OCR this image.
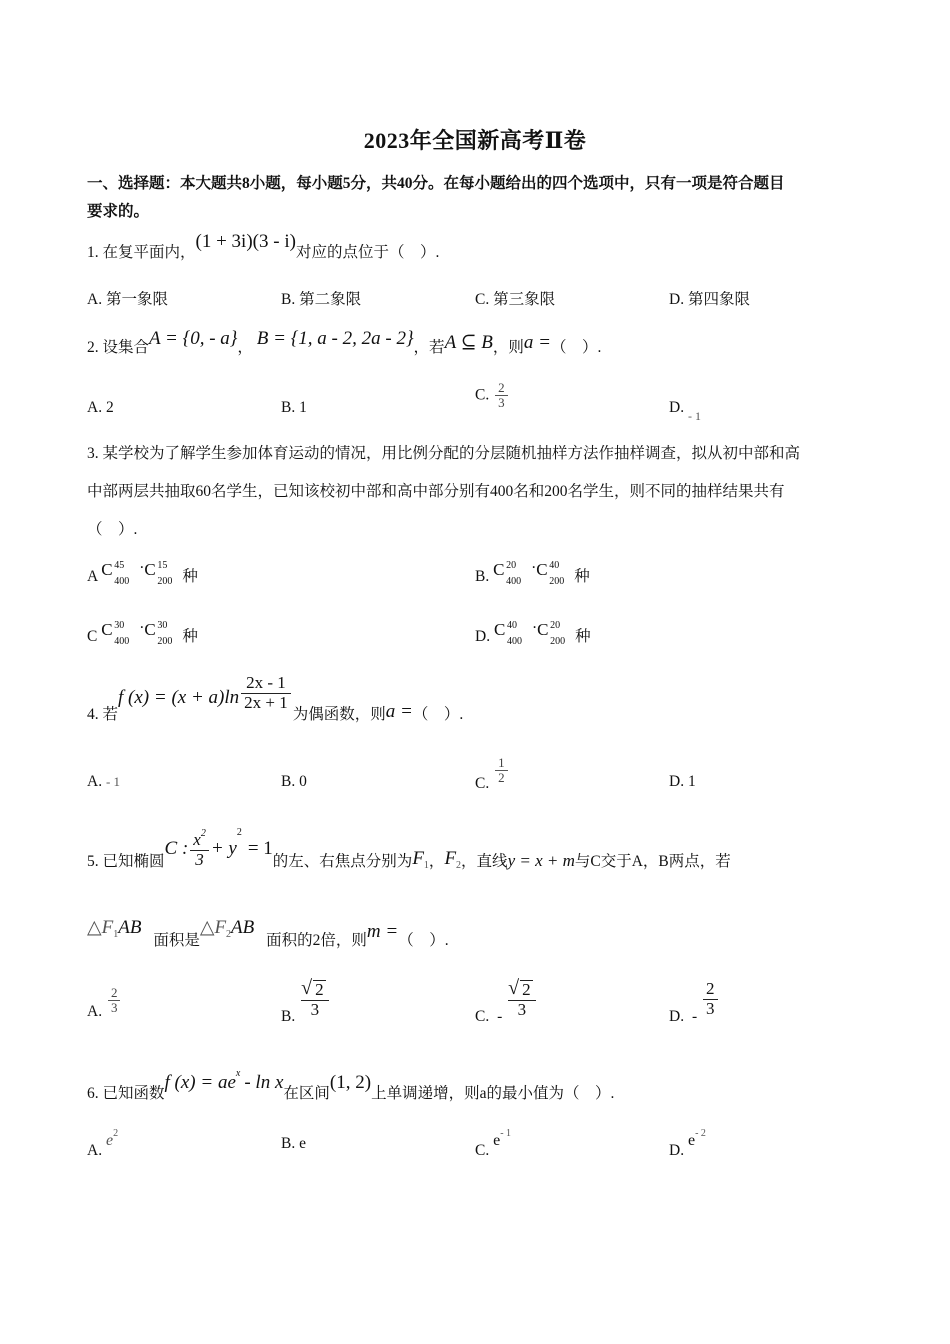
2023年全国新高考Ⅱ卷
一、选择题：本大题共8小题，每小题5分，共40分。在每小题给出的四个选项中，只有一项是符合题目
要求的。
1. 在复平面内，(1 + 3i)(3 - i)对应的点位于（　）.
A. 第一象限	B. 第二象限	C. 第三象限	D. 第四象限
2. 设集合A = {0, - a}， B = {1, a - 2, 2a - 2}，若A ⊆ B，则a =（　）.
A. 2	B. 1
C. $\frac{2}{3}$	D. $_{- 1}$
3. 某学校为了解学生参加体育运动的情况，用比例分配的分层随机抽样方法作抽样调查，拟从初中部和高
中部两层共抽取60名学生，已知该校初中部和高中部分别有400名和200名学生，则不同的抽样结果共有
（　）.
A C 45
400
· C 15
200 种	B. C 20
400
· C 40
200 种
C C 30
400
· C 30
200 种	D. C 40
400
· C 20
200 种
4. 若f $(x) = (x + a)\ln \frac{2x - 1}{2x + 1}$
为偶函数，则a =（　）.
A. - 1	B. 0	C. $\frac{1}{2}$	D. 1
5. 已知椭圆C : $\frac{x^2}{3} + y^2= 1$的左、右焦点分别为$F_1$，$F_2$，直线y = x + m与C交于A，B两点，若
$\triangle F_1AB$ 面积是$\triangle F_2AB$ 面积的2倍，则m =（　）.
A. $\frac{2}{3}$
B. √ $\frac{2}{3}$	C. - √ $\frac{2}{3}$	D. - $\frac{2}{3}$
6. 已知函数f $(x) = ae^x - \ln x$在区间(1, 2)上单调递增，则a的最小值为（　）.
A. $e^2$
B. e	C. $e^{- 1}$
D. $e^{- 2}$
